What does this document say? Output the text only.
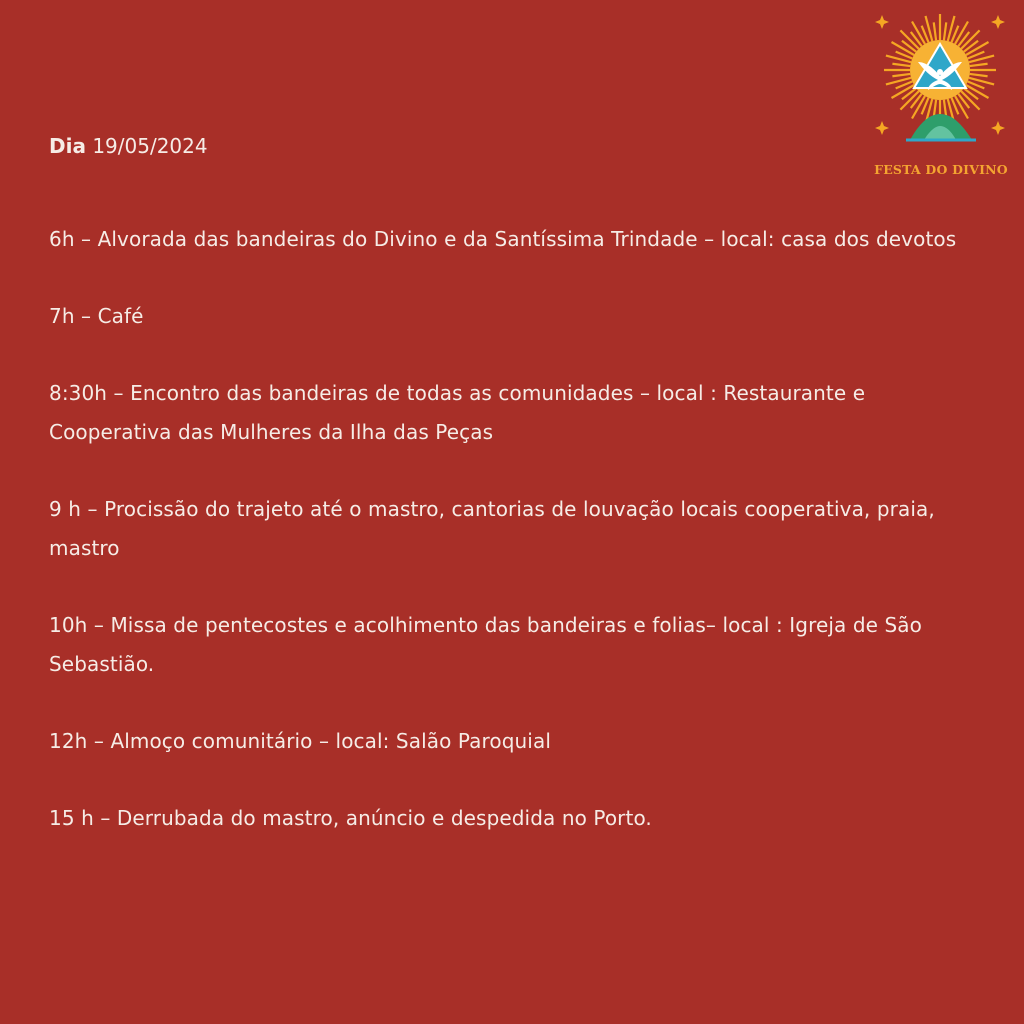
FESTA DO DIVINO
Dia 19/05/2024
6h – Alvorada das bandeiras do Divino e da Santíssima Trindade – local: casa dos devotos
7h – Café
8:30h – Encontro das bandeiras de todas as comunidades – local : Restaurante e Cooperativa das Mulheres da Ilha das Peças
9 h – Procissão do trajeto até o mastro, cantorias de louvação locais cooperativa, praia, mastro
10h – Missa de pentecostes e acolhimento das bandeiras e folias– local : Igreja de São Sebastião.
12h – Almoço comunitário – local: Salão Paroquial
15 h – Derrubada do mastro, anúncio e despedida no Porto.
